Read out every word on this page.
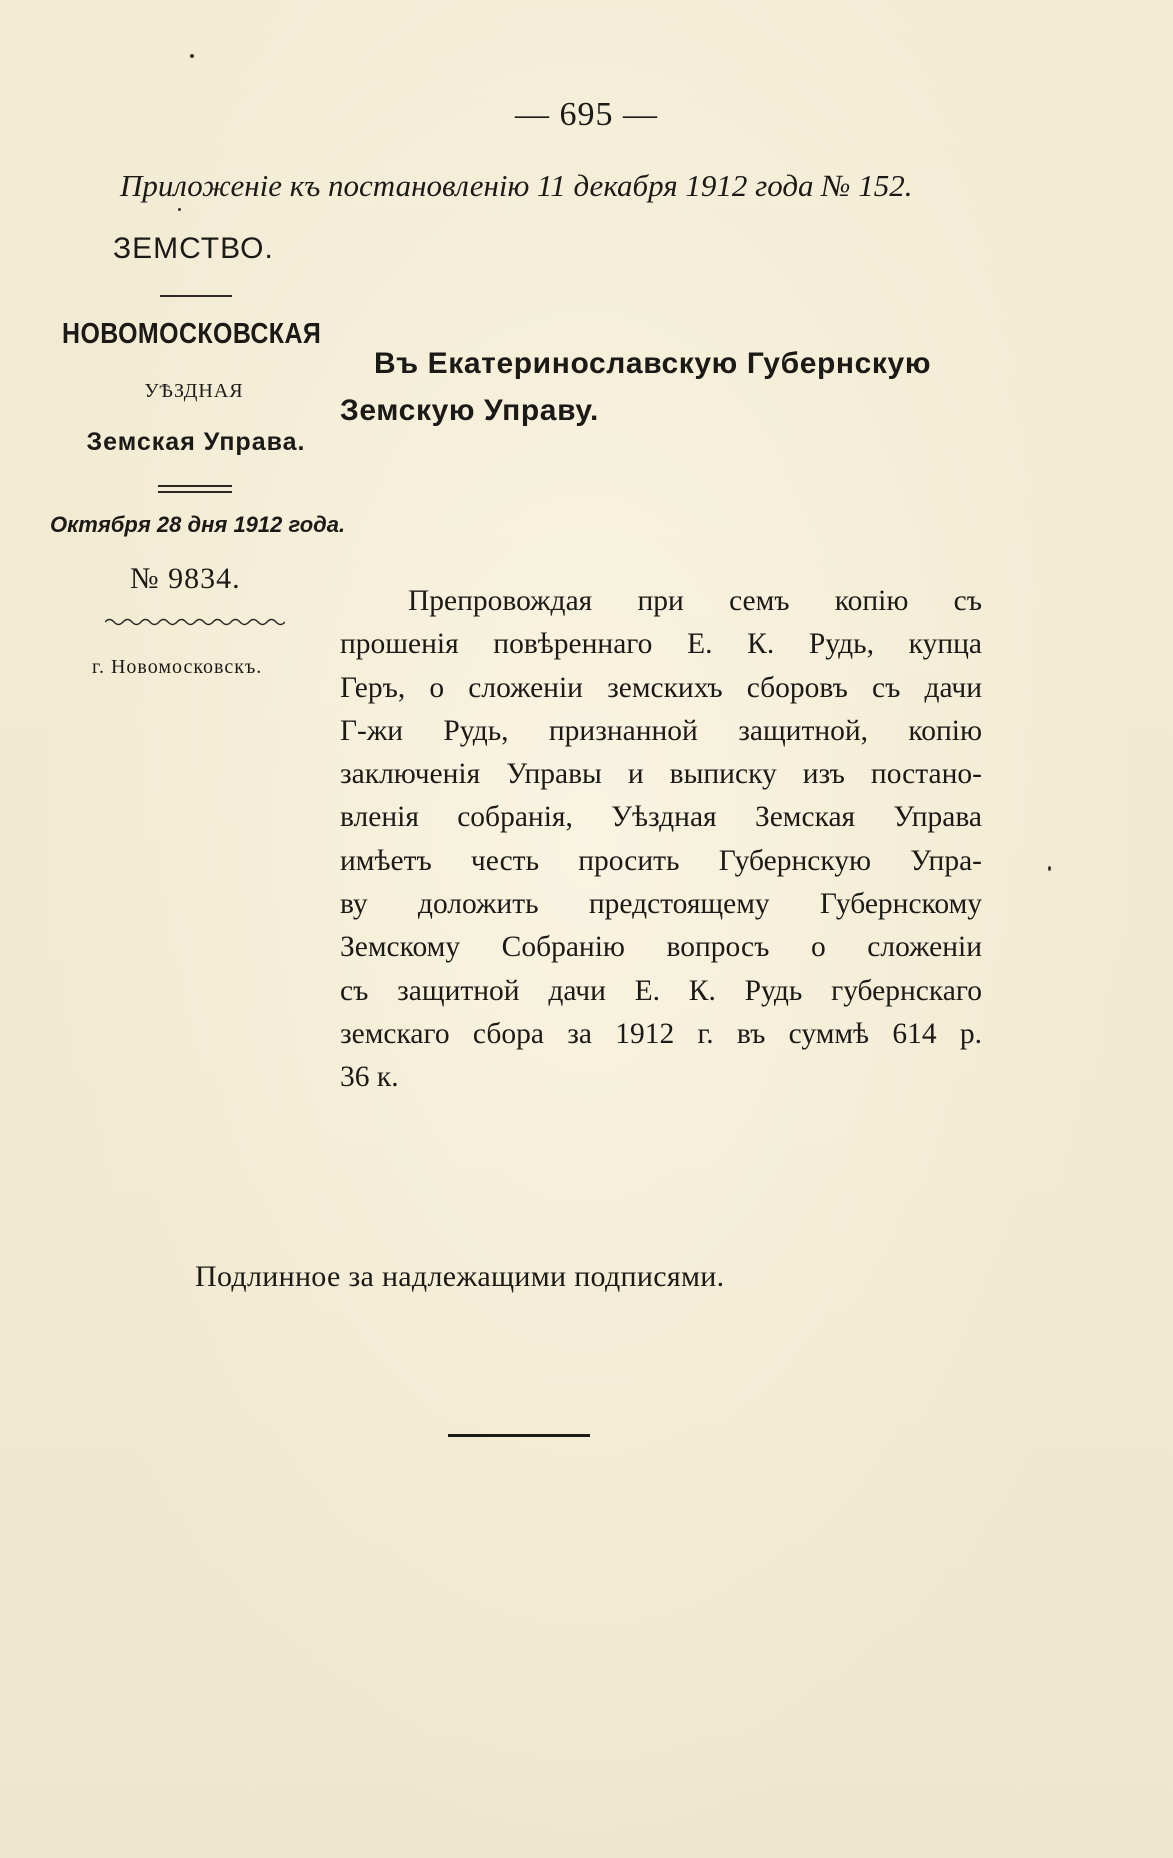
— 695 —
Приложеніе къ постановленію 11 декабря 1912 года № 152.
ЗЕМСТВО.
НОВОМОСКОВСКАЯ
УѢЗДНАЯ
Земская Управа.
Октября 28 дня 1912 года.
№ 9834.
г. Новомосковскъ.
Въ Екатеринославскую Губернскую
Земскую Управу.
Препровождая при семъ копію съ
прошенія повѣреннаго Е. К. Рудь, купца
Геръ, о сложеніи земскихъ сборовъ съ дачи
Г-жи Рудь, признанной защитной, копію
заключенія Управы и выписку изъ постано-
вленія собранія, Уѣздная Земская Управа
имѣетъ честь просить Губернскую Упра-
ву доложить предстоящему Губернскому
Земскому Собранію вопросъ о сложеніи
съ защитной дачи Е. К. Рудь губернскаго
земскаго сбора за 1912 г. въ суммѣ 614 р.
36 к.
Подлинное за надлежащими подписями.
